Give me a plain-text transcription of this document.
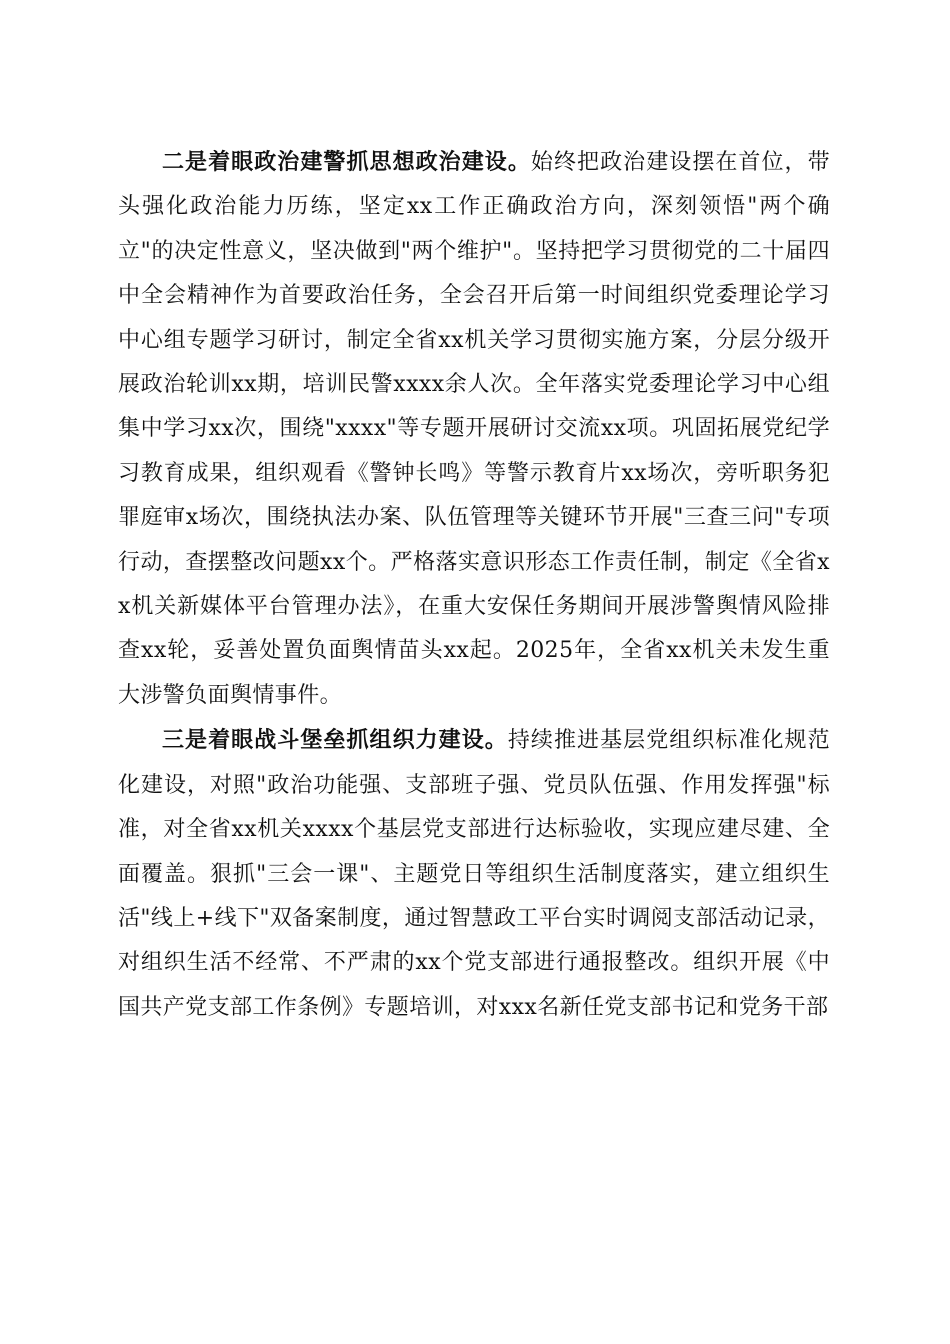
二是着眼政治建警抓思想政治建设。始终把政治建设摆在首位，带头强化政治能力历练，坚定xx工作正确政治方向，深刻领悟"两个确立"的决定性意义，坚决做到"两个维护"。坚持把学习贯彻党的二十届四中全会精神作为首要政治任务，全会召开后第一时间组织党委理论学习中心组专题学习研讨，制定全省xx机关学习贯彻实施方案，分层分级开展政治轮训xx期，培训民警xxxx余人次。全年落实党委理论学习中心组集中学习xx次，围绕"xxxx"等专题开展研讨交流xx项。巩固拓展党纪学习教育成果，组织观看《警钟长鸣》等警示教育片xx场次，旁听职务犯罪庭审x场次，围绕执法办案、队伍管理等关键环节开展"三查三问"专项行动，查摆整改问题xx个。严格落实意识形态工作责任制，制定《全省xx机关新媒体平台管理办法》，在重大安保任务期间开展涉警舆情风险排查xx轮，妥善处置负面舆情苗头xx起。2025年，全省xx机关未发生重大涉警负面舆情事件。

三是着眼战斗堡垒抓组织力建设。持续推进基层党组织标准化规范化建设，对照"政治功能强、支部班子强、党员队伍强、作用发挥强"标准，对全省xx机关xxxx个基层党支部进行达标验收，实现应建尽建、全面覆盖。狠抓"三会一课"、主题党日等组织生活制度落实，建立组织生活"线上+线下"双备案制度，通过智慧政工平台实时调阅支部活动记录，对组织生活不经常、不严肃的xx个党支部进行通报整改。组织开展《中国共产党支部工作条例》专题培训，对xxx名新任党支部书记和党务干部
